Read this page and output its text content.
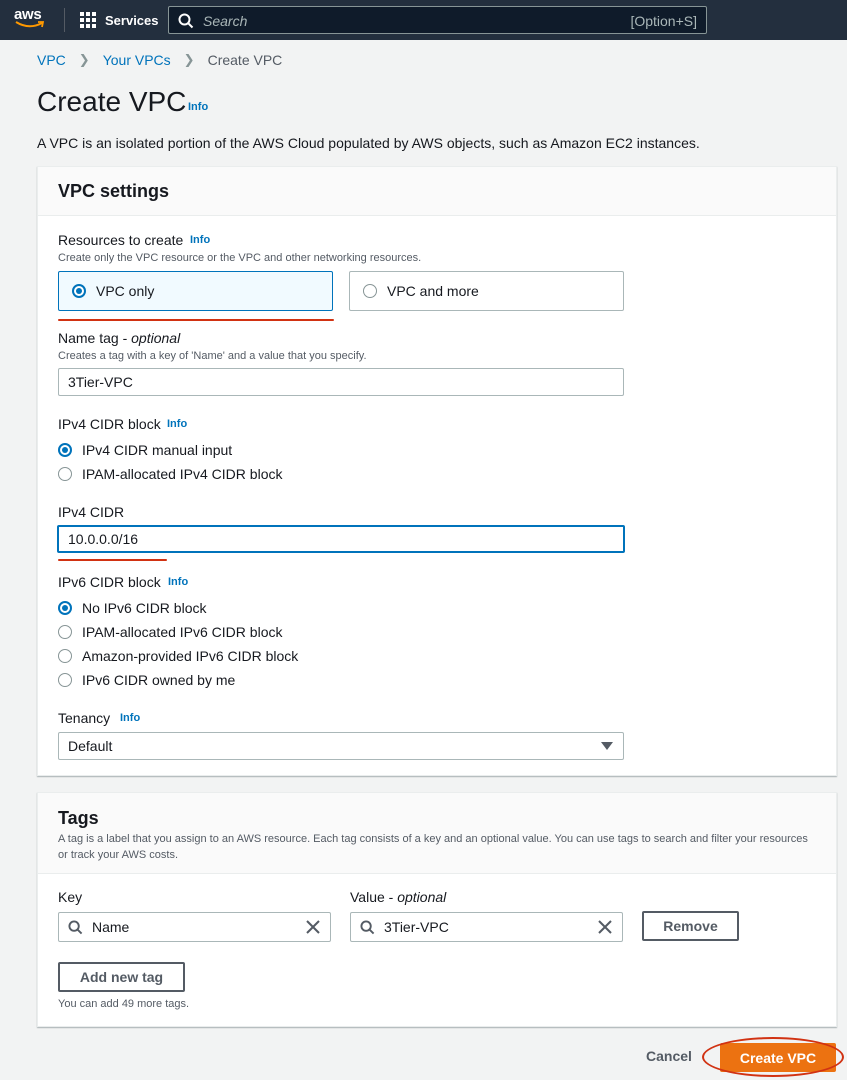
aws	Services	Search	[Option+S]
VPC ❯ Your VPCs ❯ Create VPC
Create VPC Info

A VPC is an isolated portion of the AWS Cloud populated by AWS objects, such as Amazon EC2 instances.

VPC settings
Resources to create Info
Create only the VPC resource or the VPC and other networking resources.
VPC only	VPC and more
Name tag - optional
Creates a tag with a key of 'Name' and a value that you specify.
3Tier-VPC
IPv4 CIDR block Info
IPv4 CIDR manual input
IPAM-allocated IPv4 CIDR block
IPv4 CIDR
10.0.0.0/16
IPv6 CIDR block Info
No IPv6 CIDR block
IPAM-allocated IPv6 CIDR block
Amazon-provided IPv6 CIDR block
IPv6 CIDR owned by me
Tenancy Info
Default
Tags
A tag is a label that you assign to an AWS resource. Each tag consists of a key and an optional value. You can use tags to search and filter your resources or track your AWS costs.
Key	Value - optional
Name	3Tier-VPC	Remove
Add new tag
You can add 49 more tags.
Cancel	Create VPC
